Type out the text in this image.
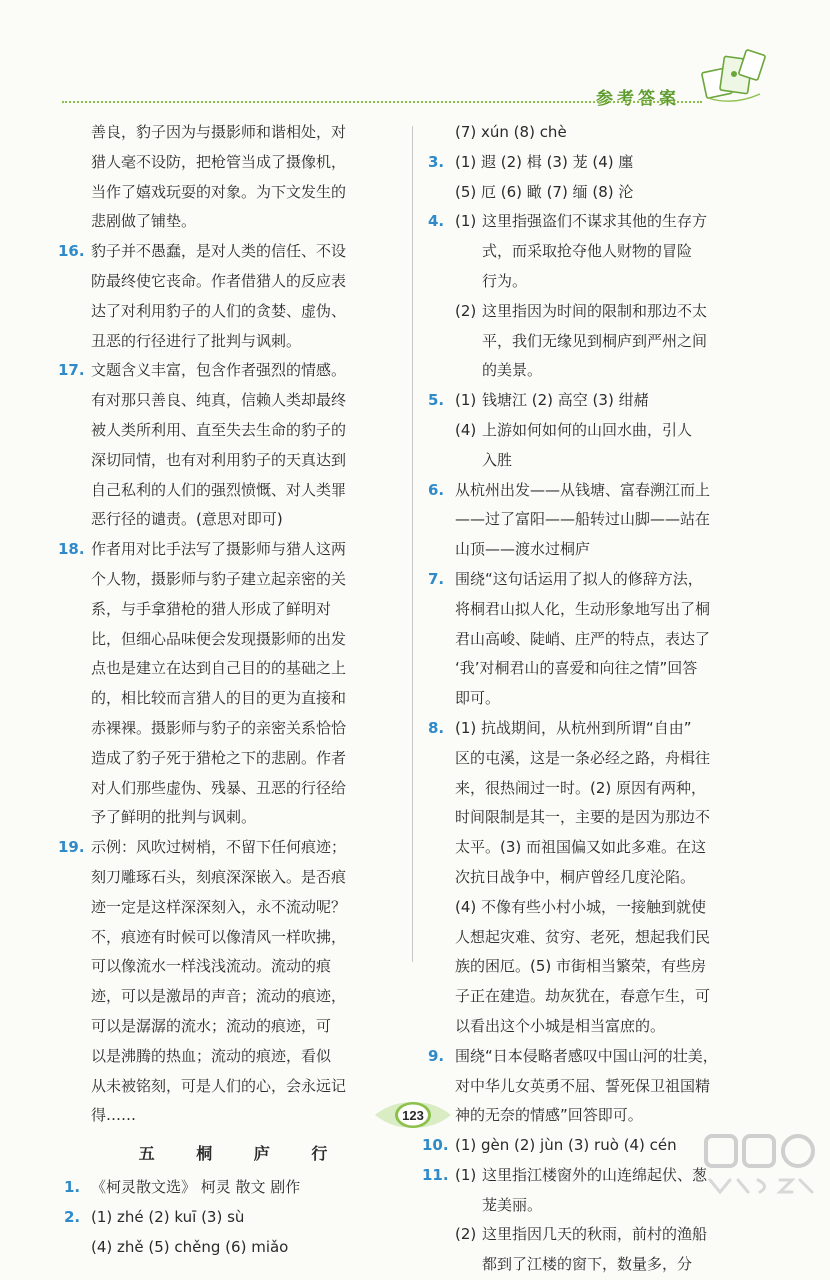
参考答案
善良，豹子因为与摄影师和谐相处，对
猎人毫不设防，把枪管当成了摄像机，
当作了嬉戏玩耍的对象。为下文发生的
悲剧做了铺垫。
16. 豹子并不愚蠢，是对人类的信任、不设
防最终使它丧命。作者借猎人的反应表
达了对利用豹子的人们的贪婪、虚伪、
丑恶的行径进行了批判与讽刺。
17. 文题含义丰富，包含作者强烈的情感。
有对那只善良、纯真，信赖人类却最终
被人类所利用、直至失去生命的豹子的
深切同情，也有对利用豹子的天真达到
自己私利的人们的强烈愤慨、对人类罪
恶行径的谴责。(意思对即可)
18. 作者用对比手法写了摄影师与猎人这两
个人物，摄影师与豹子建立起亲密的关
系，与手拿猎枪的猎人形成了鲜明对
比，但细心品味便会发现摄影师的出发
点也是建立在达到自己目的的基础之上
的，相比较而言猎人的目的更为直接和
赤裸裸。摄影师与豹子的亲密关系恰恰
造成了豹子死于猎枪之下的悲剧。作者
对人们那些虚伪、残暴、丑恶的行径给
予了鲜明的批判与讽刺。
19. 示例：风吹过树梢，不留下任何痕迹；
刻刀雕琢石头，刻痕深深嵌入。是否痕
迹一定是这样深深刻入，永不流动呢？
不，痕迹有时候可以像清风一样吹拂，
可以像流水一样浅浅流动。流动的痕
迹，可以是激昂的声音；流动的痕迹，
可以是潺潺的流水；流动的痕迹，可
以是沸腾的热血；流动的痕迹，看似
从未被铭刻，可是人们的心，会永远记
得……
五 桐 庐 行
1. 《柯灵散文选》 柯灵 散文 剧作
2. (1) zhé (2) kuī (3) sù
(4) zhě (5) chěng (6) miǎo
(7) xún (8) chè
3. (1) 遐 (2) 楫 (3) 茏 (4) 廛
(5) 厄 (6) 瞰 (7) 缅 (8) 沦
4. (1) 这里指强盗们不谋求其他的生存方
式，而采取抢夺他人财物的冒险
行为。
(2) 这里指因为时间的限制和那边不太
平，我们无缘见到桐庐到严州之间
的美景。
5. (1) 钱塘江 (2) 高空 (3) 绀赭
(4) 上游如何如何的山回水曲，引人
入胜
6. 从杭州出发——从钱塘、富春溯江而上
——过了富阳——船转过山脚——站在
山顶——渡水过桐庐
7. 围绕“这句话运用了拟人的修辞方法，
将桐君山拟人化，生动形象地写出了桐
君山高峻、陡峭、庄严的特点，表达了
‘我’对桐君山的喜爱和向往之情”回答
即可。
8. (1) 抗战期间，从杭州到所谓“自由”
区的屯溪，这是一条必经之路，舟楫往
来，很热闹过一时。(2) 原因有两种，
时间限制是其一，主要的是因为那边不
太平。(3) 而祖国偏又如此多难。在这
次抗日战争中，桐庐曾经几度沦陷。
(4) 不像有些小村小城，一接触到就使
人想起灾难、贫穷、老死，想起我们民
族的困厄。(5) 市街相当繁荣，有些房
子正在建造。劫灰犹在，春意乍生，可
以看出这个小城是相当富庶的。
9. 围绕“日本侵略者感叹中国山河的壮美，
对中华儿女英勇不屈、誓死保卫祖国精
神的无奈的情感”回答即可。
10. (1) gèn (2) jùn (3) ruò (4) cén
11. (1) 这里指江楼窗外的山连绵起伏、葱
茏美丽。
(2) 这里指因几天的秋雨，前村的渔船
都到了江楼的窗下，数量多，分
123
